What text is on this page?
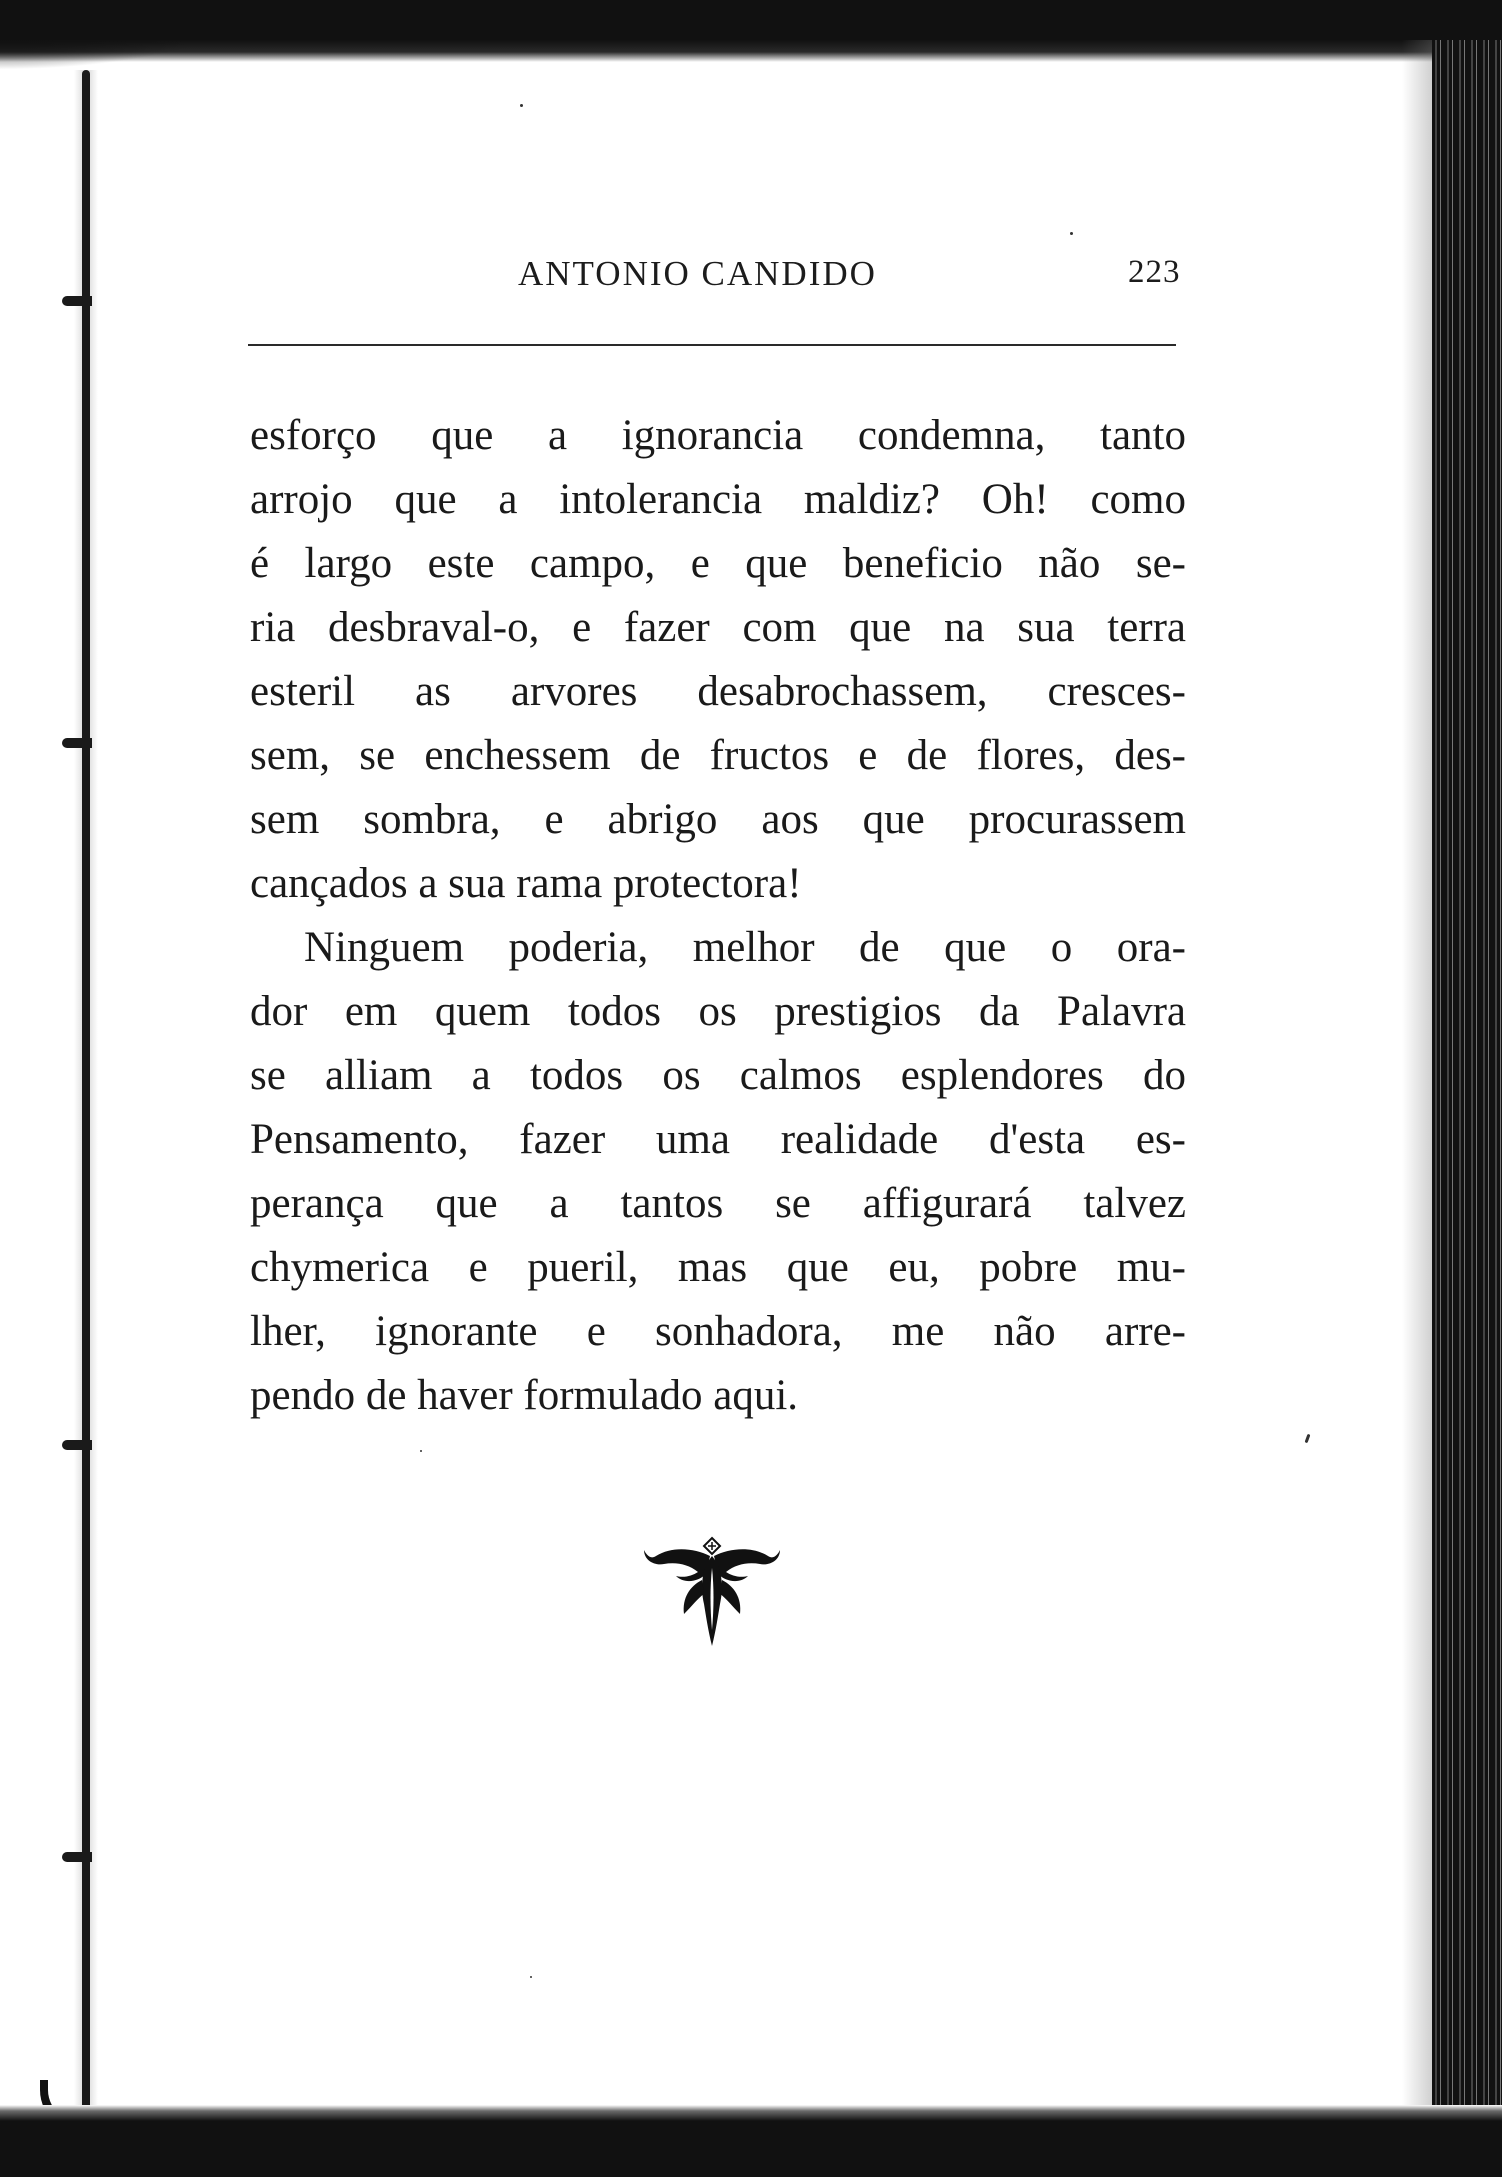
ANTONIO CANDIDO	223
esforço que a ignorancia condemna, tanto
arrojo que a intolerancia maldiz? Oh! como
é largo este campo, e que beneficio não se-
ria desbraval-o, e fazer com que na sua terra
esteril as arvores desabrochassem, cresces-
sem, se enchessem de fructos e de flores, des-
sem sombra, e abrigo aos que procurassem
cançados a sua rama protectora!
Ninguem poderia, melhor de que o ora-
dor em quem todos os prestigios da Palavra
se alliam a todos os calmos esplendores do
Pensamento, fazer uma realidade d'esta es-
perança que a tantos se affigurará talvez
chymerica e pueril, mas que eu, pobre mu-
lher, ignorante e sonhadora, me não arre-
pendo de haver formulado aqui.
